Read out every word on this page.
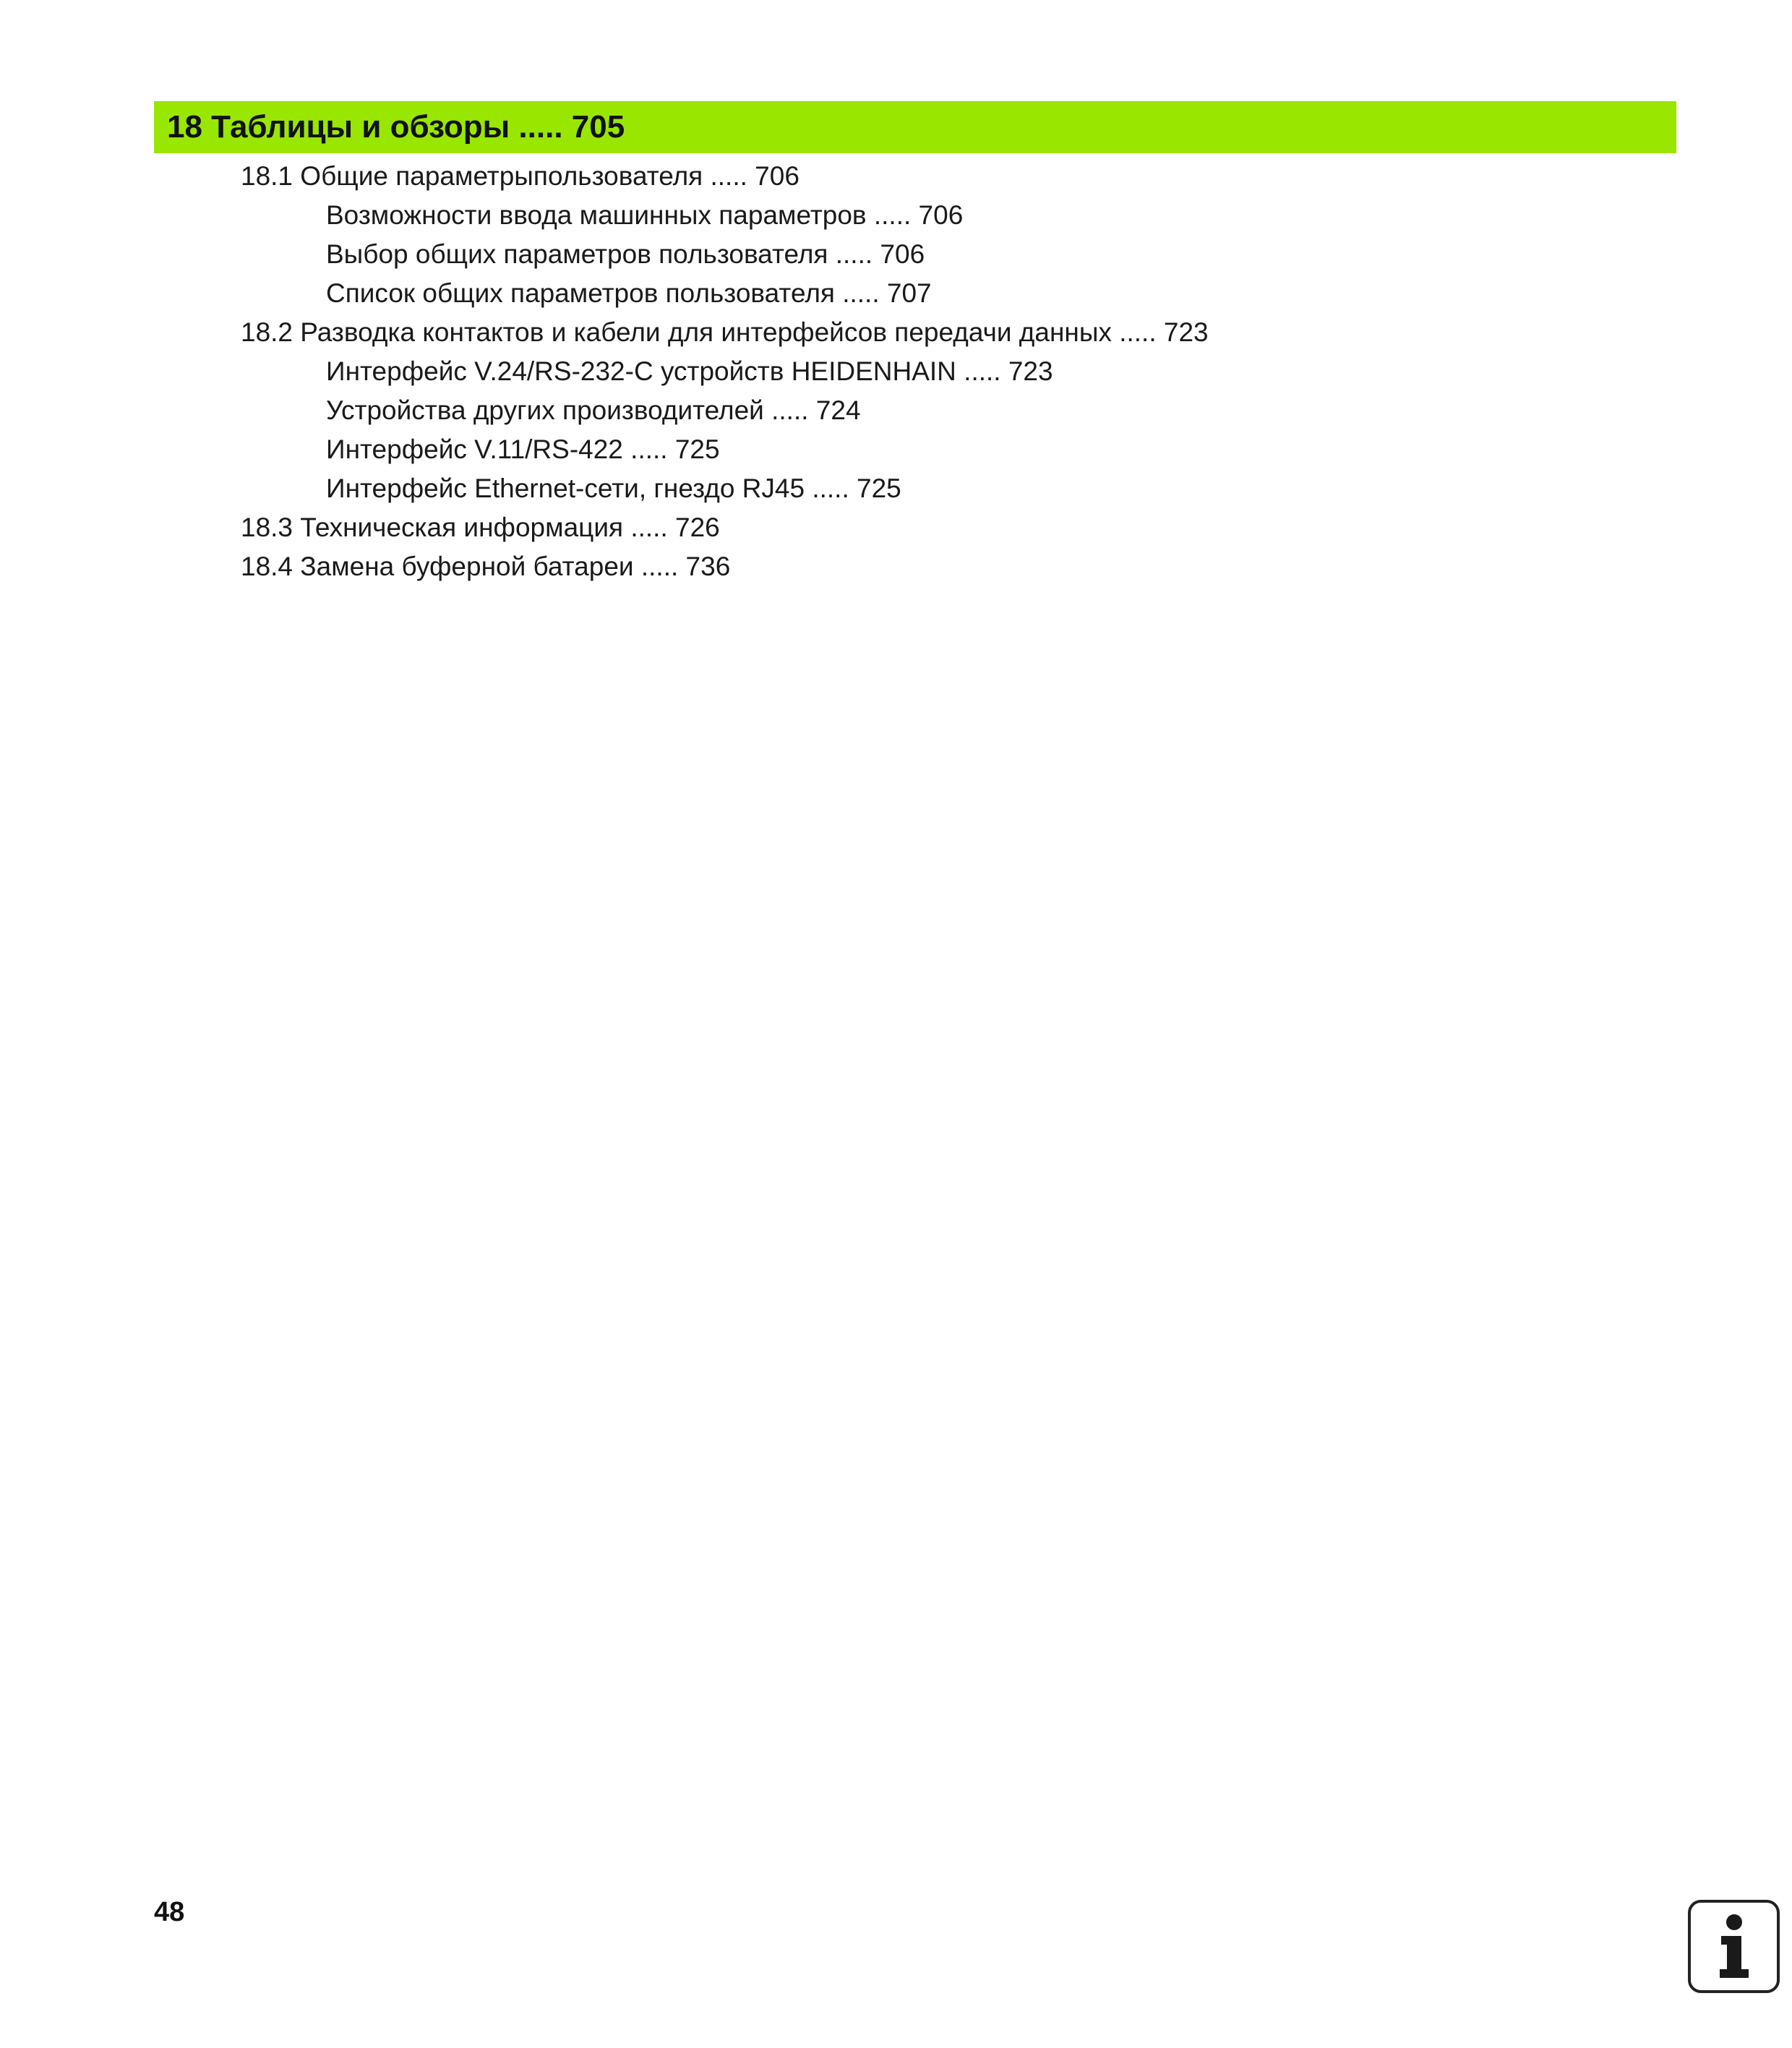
18 Таблицы и обзоры ..... 705
18.1 Общие параметрыпользователя ..... 706
Возможности ввода машинных параметров ..... 706
Выбор общих параметров пользователя ..... 706
Список общих параметров пользователя ..... 707
18.2 Разводка контактов и кабели для интерфейсов передачи данных ..... 723
Интерфейс V.24/RS-232-C устройств HEIDENHAIN ..... 723
Устройства других производителей ..... 724
Интерфейс V.11/RS-422 ..... 725
Интерфейс Ethernet-сети, гнездо RJ45 ..... 725
18.3 Техническая информация ..... 726
18.4 Замена буферной батареи ..... 736
48
